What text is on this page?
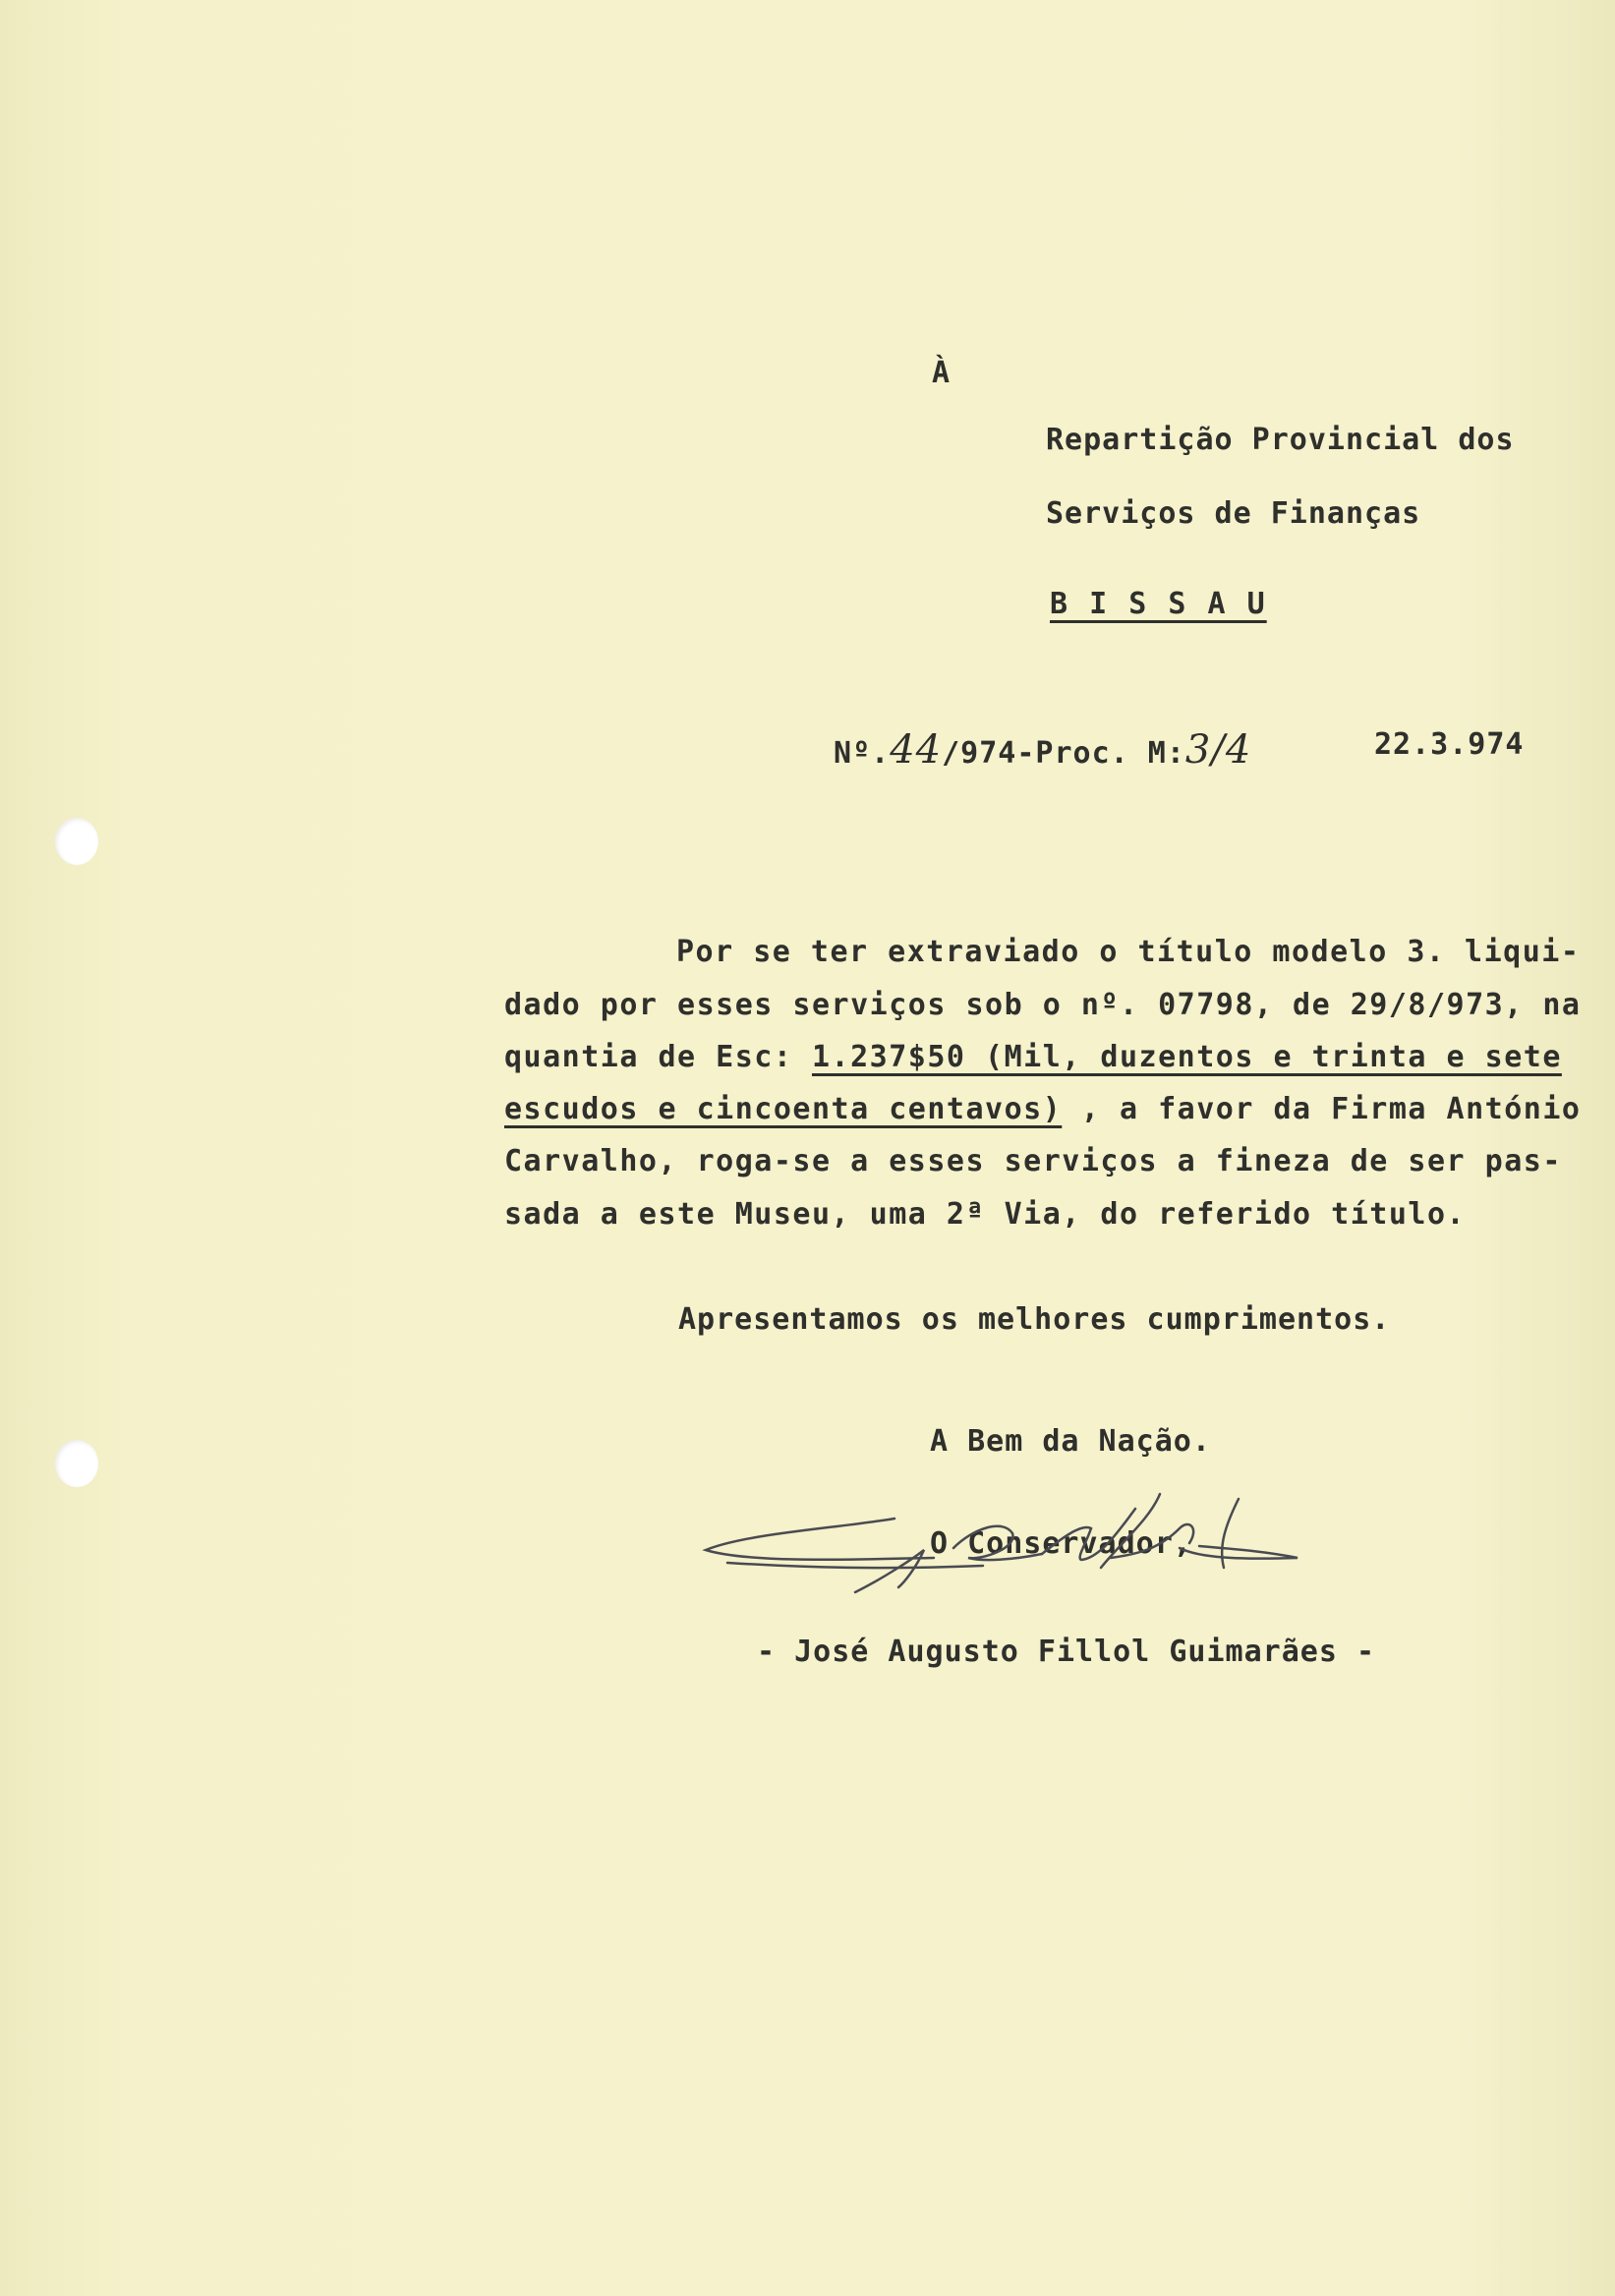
À
Repartição Provincial dos
Serviços de Finanças
B I S S A U
Nº.44/974-Proc. M:3/4	22.3.974
Por se ter extraviado o título modelo 3. liqui-
dado por esses serviços sob o nº. 07798, de 29/8/973, na
quantia de Esc: 1.237$50 (Mil, duzentos e trinta e sete
escudos e cincoenta centavos) , a favor da Firma António
Carvalho, roga-se a esses serviços a fineza de ser pas-
sada a este Museu, uma 2ª Via, do referido título.
Apresentamos os melhores cumprimentos.
A Bem da Nação.
O Conservador,
- José Augusto Fillol Guimarães -
